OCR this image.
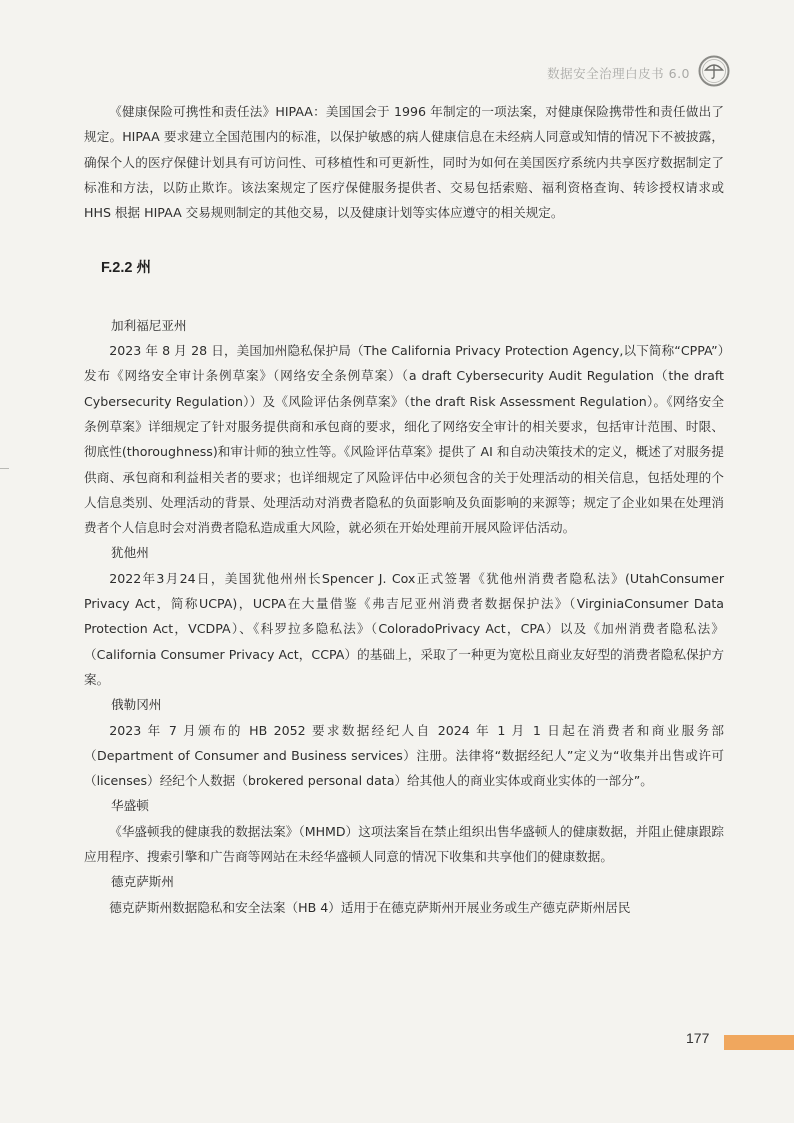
数据安全治理白皮书 6.0

《健康保险可携性和责任法》HIPAA：美国国会于 1996 年制定的一项法案，对健康保险携带性和责任做出了规定。HIPAA 要求建立全国范围内的标准，以保护敏感的病人健康信息在未经病人同意或知情的情况下不被披露，确保个人的医疗保健计划具有可访问性、可移植性和可更新性，同时为如何在美国医疗系统内共享医疗数据制定了标准和方法，以防止欺诈。该法案规定了医疗保健服务提供者、交易包括索赔、福利资格查询、转诊授权请求或 HHS 根据 HIPAA 交易规则制定的其他交易，以及健康计划等实体应遵守的相关规定。

F.2.2 州

加利福尼亚州

2023 年 8 月 28 日，美国加州隐私保护局（The California Privacy Protection Agency,以下简称“CPPA”）发布《网络安全审计条例草案》（网络安全条例草案）（a draft Cybersecurity Audit Regulation（the draft Cybersecurity Regulation））及《风险评估条例草案》（the draft Risk Assessment Regulation）。《网络安全条例草案》详细规定了针对服务提供商和承包商的要求，细化了网络安全审计的相关要求，包括审计范围、时限、彻底性(thoroughness)和审计师的独立性等。《风险评估草案》提供了 AI 和自动决策技术的定义，概述了对服务提供商、承包商和利益相关者的要求；也详细规定了风险评估中必须包含的关于处理活动的相关信息，包括处理的个人信息类别、处理活动的背景、处理活动对消费者隐私的负面影响及负面影响的来源等；规定了企业如果在处理消费者个人信息时会对消费者隐私造成重大风险，就必须在开始处理前开展风险评估活动。

犹他州

2022年3月24日，美国犹他州州长Spencer J. Cox正式签署《犹他州消费者隐私法》(UtahConsumer Privacy Act，简称UCPA)，UCPA在大量借鉴《弗吉尼亚州消费者数据保护法》（VirginiaConsumer Data Protection Act，VCDPA）、《科罗拉多隐私法》（ColoradoPrivacy Act，CPA）以及《加州消费者隐私法》（California Consumer Privacy Act，CCPA）的基础上，采取了一种更为宽松且商业友好型的消费者隐私保护方案。

俄勒冈州

2023 年 7 月颁布的 HB 2052 要求数据经纪人自 2024 年 1 月 1 日起在消费者和商业服务部（Department of Consumer and Business services）注册。法律将“数据经纪人”定义为“收集并出售或许可（licenses）经纪个人数据（brokered personal data）给其他人的商业实体或商业实体的一部分”。

华盛顿

《华盛顿我的健康我的数据法案》（MHMD）这项法案旨在禁止组织出售华盛顿人的健康数据，并阻止健康跟踪应用程序、搜索引擎和广告商等网站在未经华盛顿人同意的情况下收集和共享他们的健康数据。

德克萨斯州

德克萨斯州数据隐私和安全法案（HB 4）适用于在德克萨斯州开展业务或生产德克萨斯州居民

177
